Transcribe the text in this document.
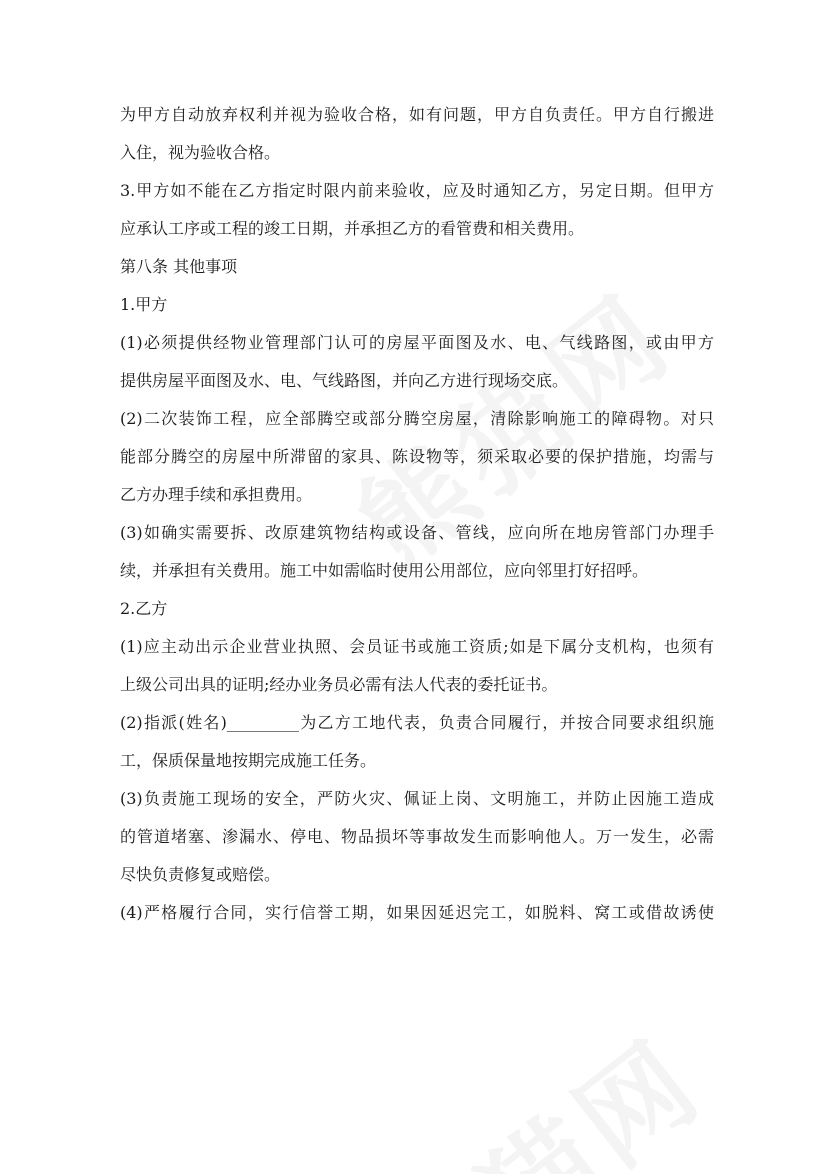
为甲方自动放弃权利并视为验收合格，如有问题，甲方自负责任。甲方自行搬进
入住，视为验收合格。
3.甲方如不能在乙方指定时限内前来验收，应及时通知乙方，另定日期。但甲方
应承认工序或工程的竣工日期，并承担乙方的看管费和相关费用。
第八条 其他事项
1.甲方
(1)必须提供经物业管理部门认可的房屋平面图及水、电、气线路图，或由甲方
提供房屋平面图及水、电、气线路图，并向乙方进行现场交底。
(2)二次装饰工程，应全部腾空或部分腾空房屋，清除影响施工的障碍物。对只
能部分腾空的房屋中所滞留的家具、陈设物等，须采取必要的保护措施，均需与
乙方办理手续和承担费用。
(3)如确实需要拆、改原建筑物结构或设备、管线，应向所在地房管部门办理手
续，并承担有关费用。施工中如需临时使用公用部位，应向邻里打好招呼。
2.乙方
(1)应主动出示企业营业执照、会员证书或施工资质;如是下属分支机构，也须有
上级公司出具的证明;经办业务员必需有法人代表的委托证书。
(2)指派(姓名)_________为乙方工地代表，负责合同履行，并按合同要求组织施
工，保质保量地按期完成施工任务。
(3)负责施工现场的安全，严防火灾、佩证上岗、文明施工，并防止因施工造成
的管道堵塞、渗漏水、停电、物品损坏等事故发生而影响他人。万一发生，必需
尽快负责修复或赔偿。
(4)严格履行合同，实行信誉工期，如果因延迟完工，如脱料、窝工或借故诱使
